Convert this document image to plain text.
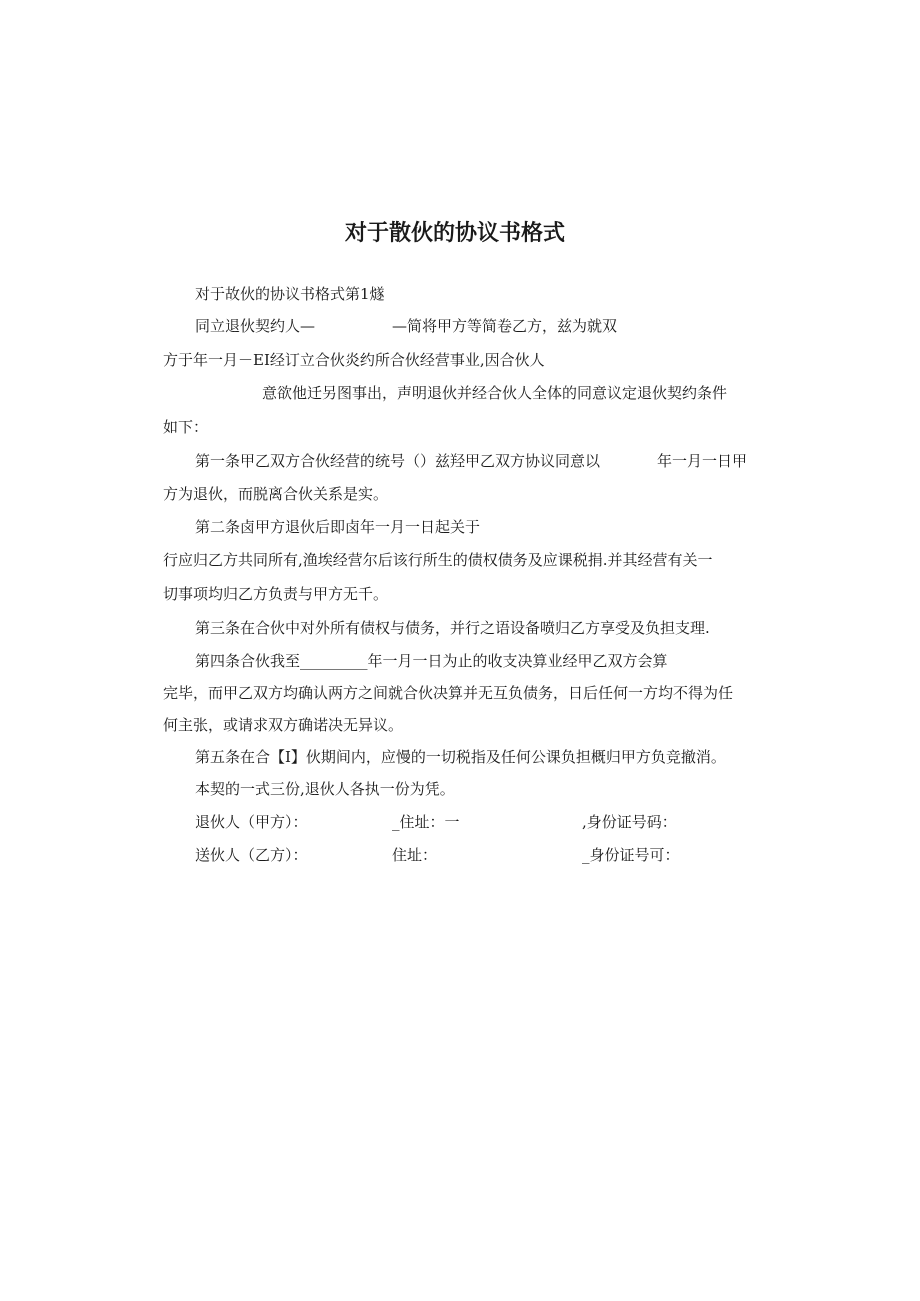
对于散伙的协议书格式
对于故伙的协议书格式第1燧
同立退伙契约人—	—简将甲方等简卷乙方，兹为就双
方于年一月－EI经订立合伙炎约所合伙经营事业,因合伙人
意欲他迁另图事出，声明退伙并经合伙人全体的同意议定退伙契约条件
如下：
第一条甲乙双方合伙经营的统号（）兹羟甲乙双方协议同意以	年一月一日甲
方为退伙，而脱离合伙关系是实。
第二条卤甲方退伙后即卤年一月一日起关于
行应归乙方共同所有,渔埃经营尔后该行所生的债权债务及应课税捐.并其经营有关一
切事项均归乙方负责与甲方无千。
第三条在合伙中对外所有债权与债务，并行之语设备喷归乙方享受及负担支理.
第四条合伙我至_________年一月一日为止的收支决算业经甲乙双方会算
完毕，而甲乙双方均确认两方之间就合伙决算并无互负债务，日后任何一方均不得为任
何主张，或请求双方确诺决无异议。
第五条在合【I】伙期间内，应慢的一切税指及任何公课负担概归甲方负竞撤消。
本契的一式三份,退伙人各执一份为凭。
退伙人（甲方）：	_住址：一	,身份证号码：
送伙人（乙方）：	住址：	_身份证号可：
